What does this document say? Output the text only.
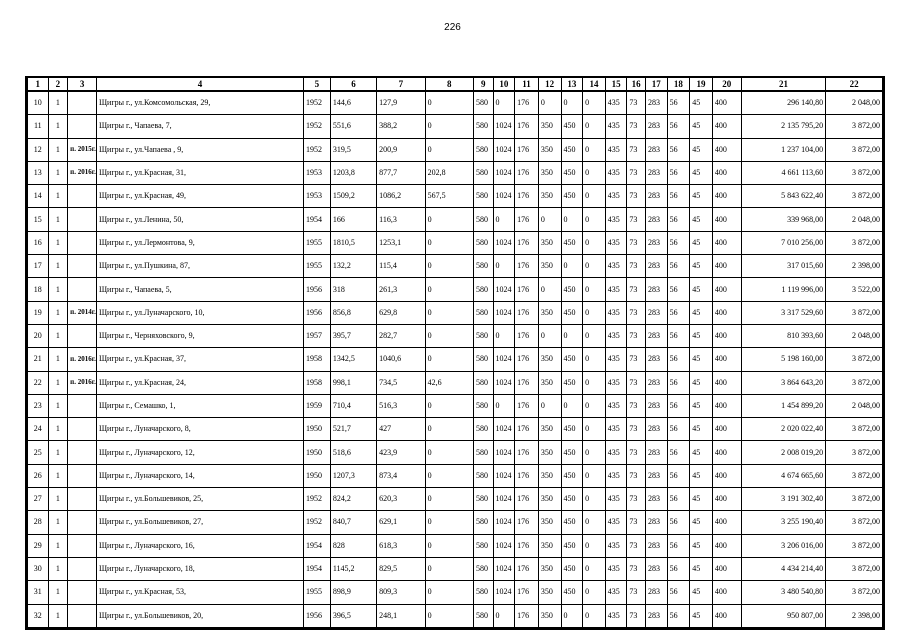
226
1	2	3	4	5	6	7	8	9	10	11	12	13	14	15	16	17	18	19	20	21	22
10	1		Щигры г., ул.Комсомольская, 29,	1952	144,6	127,9	0	580	0	176	0	0	0	435	73	283	56	45	400	296 140,80	2 048,00
11	1		Щигры г., Чапаева, 7,	1952	551,6	388,2	0	580	1024	176	350	450	0	435	73	283	56	45	400	2 135 795,20	3 872,00
12	1	п. 2015г.	Щигры г., ул.Чапаева , 9,	1952	319,5	200,9	0	580	1024	176	350	450	0	435	73	283	56	45	400	1 237 104,00	3 872,00
13	1	п. 2016г.	Щигры г., ул.Красная, 31,	1953	1203,8	877,7	202,8	580	1024	176	350	450	0	435	73	283	56	45	400	4 661 113,60	3 872,00
14	1		Щигры г., ул.Красная, 49,	1953	1509,2	1086,2	567,5	580	1024	176	350	450	0	435	73	283	56	45	400	5 843 622,40	3 872,00
15	1		Щигры г., ул.Ленина, 50,	1954	166	116,3	0	580	0	176	0	0	0	435	73	283	56	45	400	339 968,00	2 048,00
16	1		Щигры г., ул.Лермонтова, 9,	1955	1810,5	1253,1	0	580	1024	176	350	450	0	435	73	283	56	45	400	7 010 256,00	3 872,00
17	1		Щигры г., ул.Пушкина, 87,	1955	132,2	115,4	0	580	0	176	350	0	0	435	73	283	56	45	400	317 015,60	2 398,00
18	1		Щигры г., Чапаева, 5,	1956	318	261,3	0	580	1024	176	0	450	0	435	73	283	56	45	400	1 119 996,00	3 522,00
19	1	п. 2014г.	Щигры г., ул.Луначарского, 10,	1956	856,8	629,8	0	580	1024	176	350	450	0	435	73	283	56	45	400	3 317 529,60	3 872,00
20	1		Щигры г., Черняховского, 9,	1957	395,7	282,7	0	580	0	176	0	0	0	435	73	283	56	45	400	810 393,60	2 048,00
21	1	п. 2016г.	Щигры г., ул.Красная, 37,	1958	1342,5	1040,6	0	580	1024	176	350	450	0	435	73	283	56	45	400	5 198 160,00	3 872,00
22	1	п. 2016г.	Щигры г., ул.Красная, 24,	1958	998,1	734,5	42,6	580	1024	176	350	450	0	435	73	283	56	45	400	3 864 643,20	3 872,00
23	1		Щигры г., Семашко, 1,	1959	710,4	516,3	0	580	0	176	0	0	0	435	73	283	56	45	400	1 454 899,20	2 048,00
24	1		Щигры г., Луначарского, 8,	1950	521,7	427	0	580	1024	176	350	450	0	435	73	283	56	45	400	2 020 022,40	3 872,00
25	1		Щигры г., Луначарского, 12,	1950	518,6	423,9	0	580	1024	176	350	450	0	435	73	283	56	45	400	2 008 019,20	3 872,00
26	1		Щигры г., Луначарского, 14,	1950	1207,3	873,4	0	580	1024	176	350	450	0	435	73	283	56	45	400	4 674 665,60	3 872,00
27	1		Щигры г., ул.Большевиков, 25,	1952	824,2	620,3	0	580	1024	176	350	450	0	435	73	283	56	45	400	3 191 302,40	3 872,00
28	1		Щигры г., ул.Большевиков, 27,	1952	840,7	629,1	0	580	1024	176	350	450	0	435	73	283	56	45	400	3 255 190,40	3 872,00
29	1		Щигры г., Луначарского, 16,	1954	828	618,3	0	580	1024	176	350	450	0	435	73	283	56	45	400	3 206 016,00	3 872,00
30	1		Щигры г., Луначарского, 18,	1954	1145,2	829,5	0	580	1024	176	350	450	0	435	73	283	56	45	400	4 434 214,40	3 872,00
31	1		Щигры г., ул.Красная, 53,	1955	898,9	809,3	0	580	1024	176	350	450	0	435	73	283	56	45	400	3 480 540,80	3 872,00
32	1		Щигры г., ул.Большевиков, 20,	1956	396,5	248,1	0	580	0	176	350	0	0	435	73	283	56	45	400	950 807,00	2 398,00
